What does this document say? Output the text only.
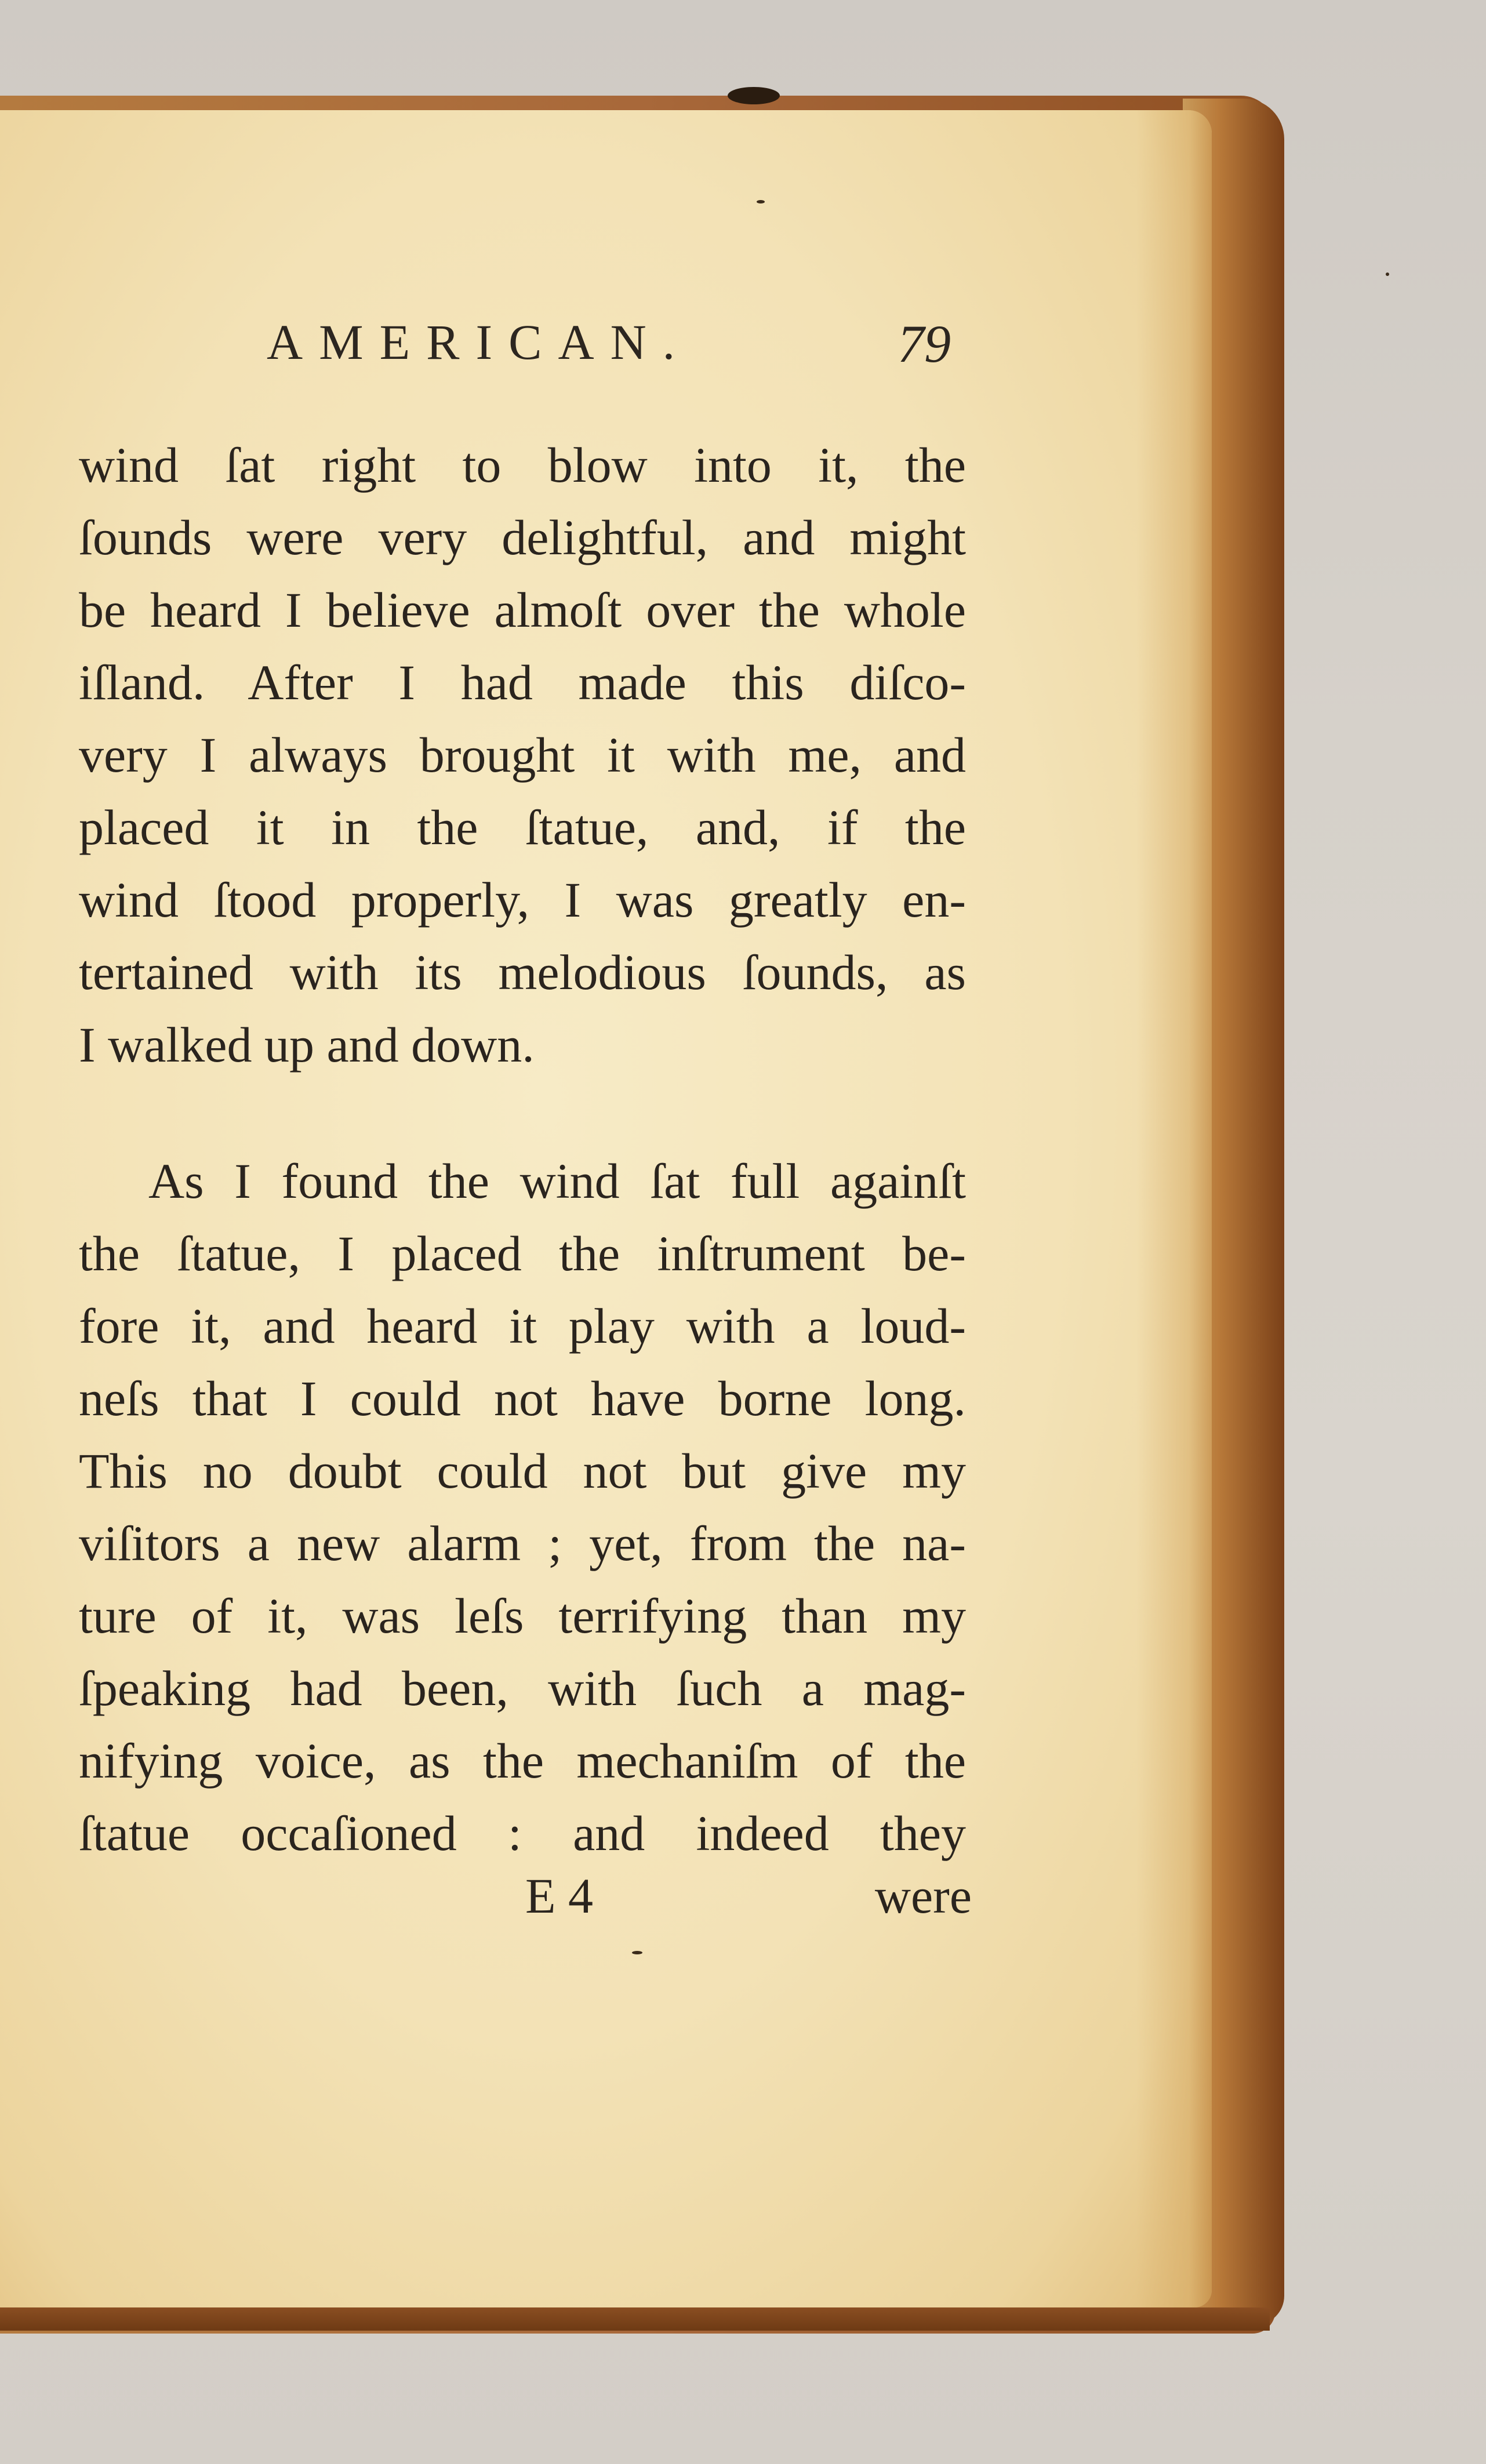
AMERICAN.	79
wind ſat right to blow into it, the
ſounds were very delightful, and might
be heard I believe almoſt over the whole
iſland. After I had made this diſco-
very I always brought it with me, and
placed it in the ſtatue, and, if the
wind ſtood properly, I was greatly en-
tertained with its melodious ſounds, as
I walked up and down.
As I found the wind ſat full againſt
the ſtatue, I placed the inſtrument be-
fore it, and heard it play with a loud-
neſs that I could not have borne long.
This no doubt could not but give my
viſitors a new alarm ; yet, from the na-
ture of it, was leſs terrifying than my
ſpeaking had been, with ſuch a mag-
nifying voice, as the mechaniſm of the
ſtatue occaſioned : and indeed they
E 4	were
